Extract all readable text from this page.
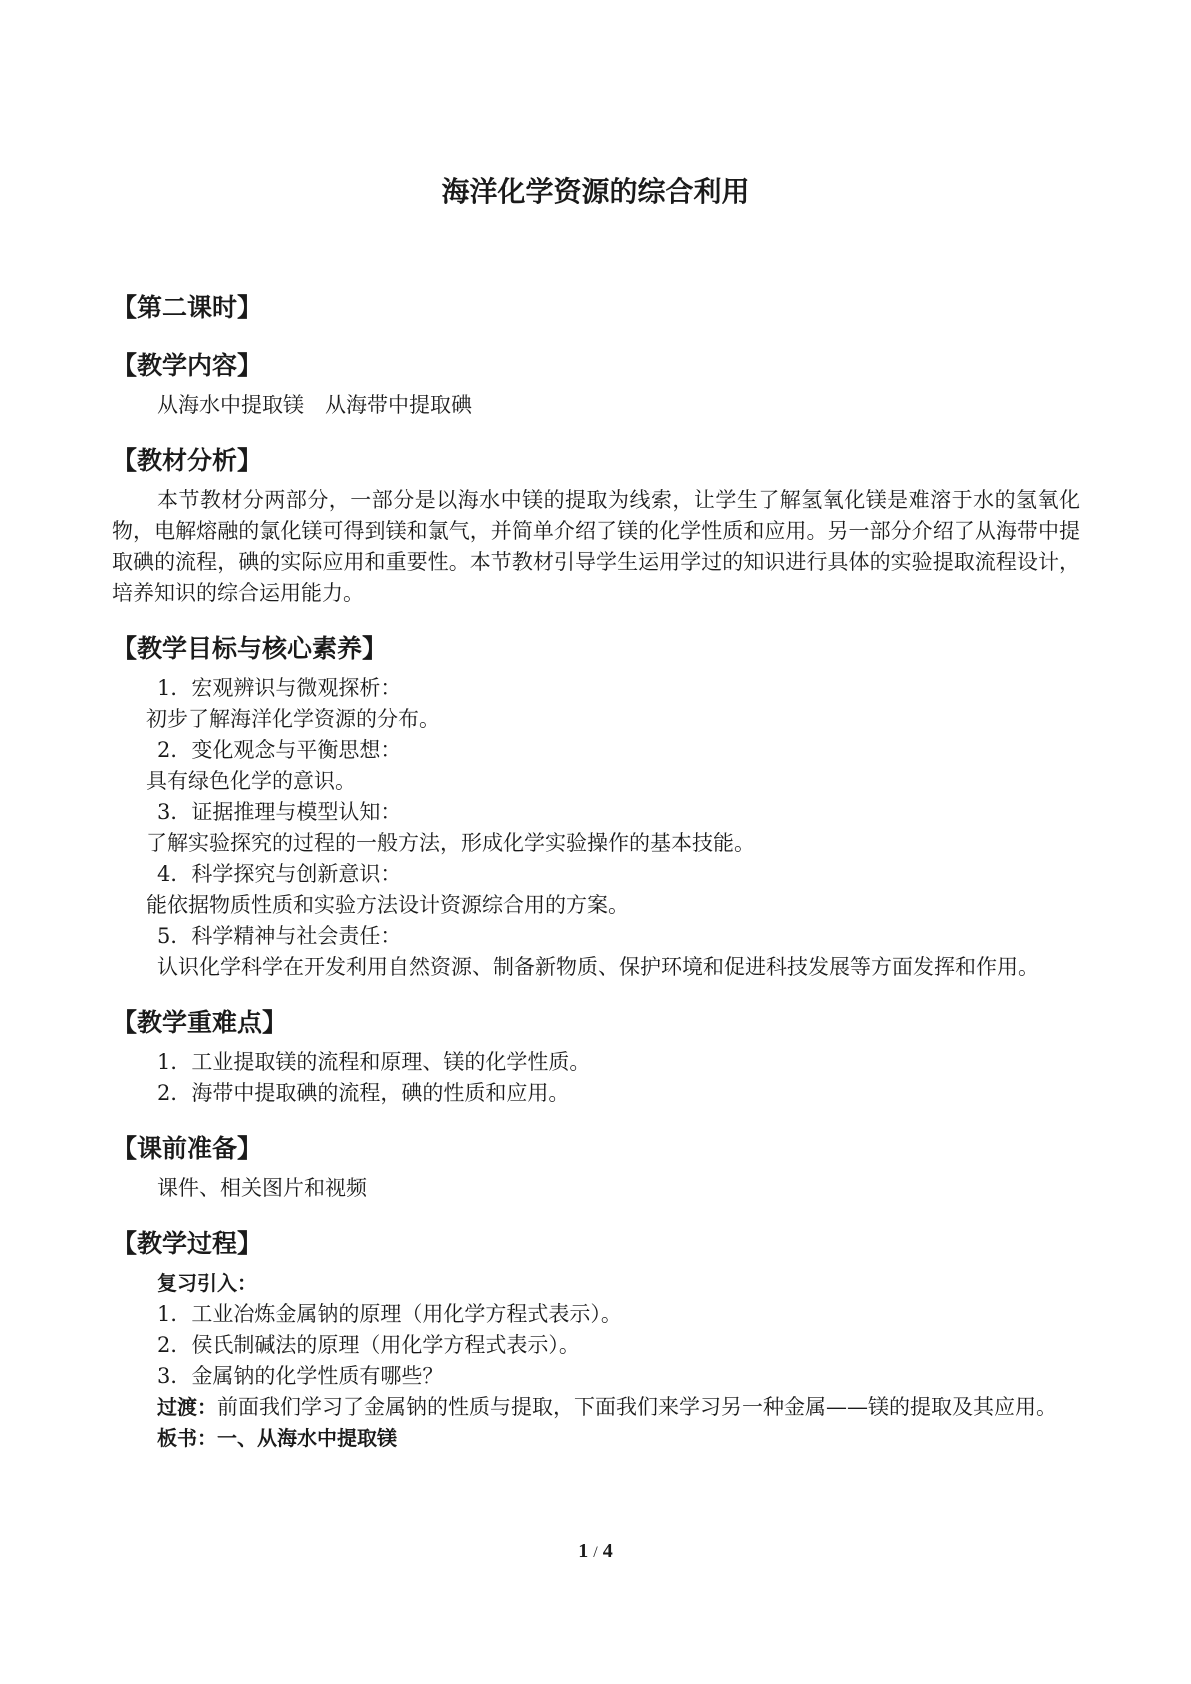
海洋化学资源的综合利用
【第二课时】
【教学内容】
从海水中提取镁　从海带中提取碘
【教材分析】
本节教材分两部分，一部分是以海水中镁的提取为线索，让学生了解氢氧化镁是难溶于水的氢氧化物，电解熔融的氯化镁可得到镁和氯气，并简单介绍了镁的化学性质和应用。另一部分介绍了从海带中提取碘的流程，碘的实际应用和重要性。本节教材引导学生运用学过的知识进行具体的实验提取流程设计，培养知识的综合运用能力。
【教学目标与核心素养】
1．宏观辨识与微观探析：
初步了解海洋化学资源的分布。
2．变化观念与平衡思想：
具有绿色化学的意识。
3．证据推理与模型认知：
了解实验探究的过程的一般方法，形成化学实验操作的基本技能。
4．科学探究与创新意识：
能依据物质性质和实验方法设计资源综合用的方案。
5．科学精神与社会责任：
认识化学科学在开发利用自然资源、制备新物质、保护环境和促进科技发展等方面发挥和作用。
【教学重难点】
1．工业提取镁的流程和原理、镁的化学性质。
2．海带中提取碘的流程，碘的性质和应用。
【课前准备】
课件、相关图片和视频
【教学过程】
复习引入：
1．工业冶炼金属钠的原理（用化学方程式表示）。
2．侯氏制碱法的原理（用化学方程式表示）。
3．金属钠的化学性质有哪些？
过渡：前面我们学习了金属钠的性质与提取，下面我们来学习另一种金属——镁的提取及其应用。
板书：一、从海水中提取镁
1 / 4
